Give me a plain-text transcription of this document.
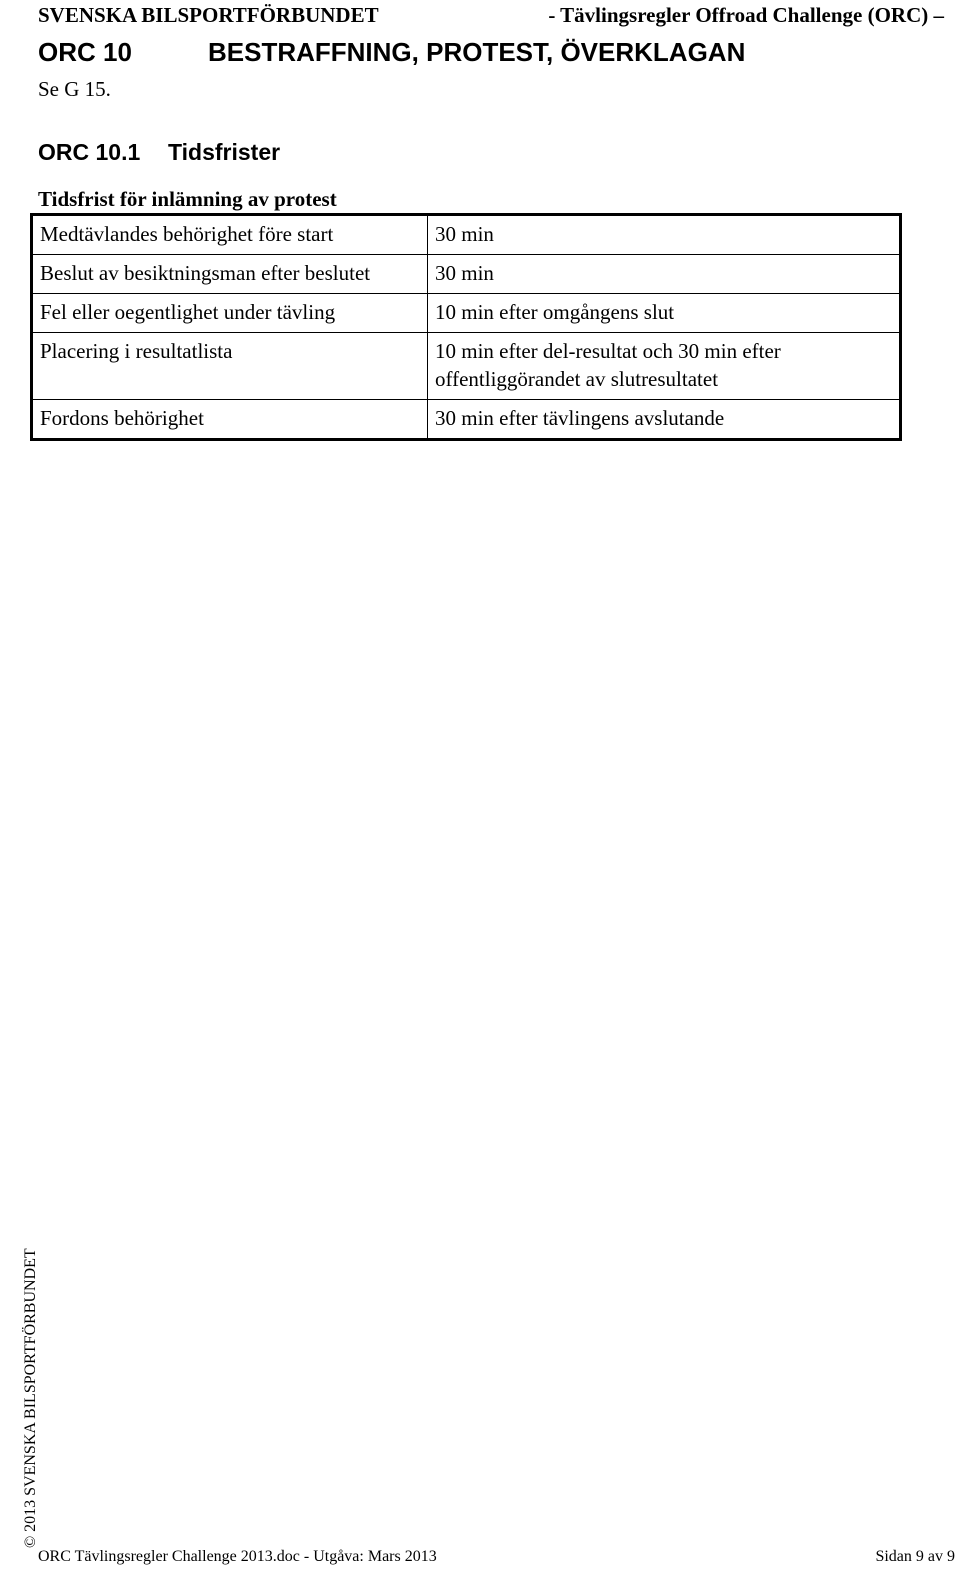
SVENSKA BILSPORTFÖRBUNDET	- Tävlingsregler Offroad Challenge (ORC) –
ORC 10	BESTRAFFNING, PROTEST, ÖVERKLAGAN
Se G 15.
ORC 10.1 Tidsfrister
Tidsfrist för inlämning av protest
Medtävlandes behörighet före start	30 min
Beslut av besiktningsman efter beslutet	30 min
Fel eller oegentlighet under tävling	10 min efter omgångens slut
Placering i resultatlista	10 min efter del-resultat och 30 min efter offentliggörandet av slutresultatet
Fordons behörighet	30 min efter tävlingens avslutande
© 2013 SVENSKA BILSPORTFÖRBUNDET
ORC Tävlingsregler Challenge 2013.doc - Utgåva: Mars 2013	Sidan 9 av 9
